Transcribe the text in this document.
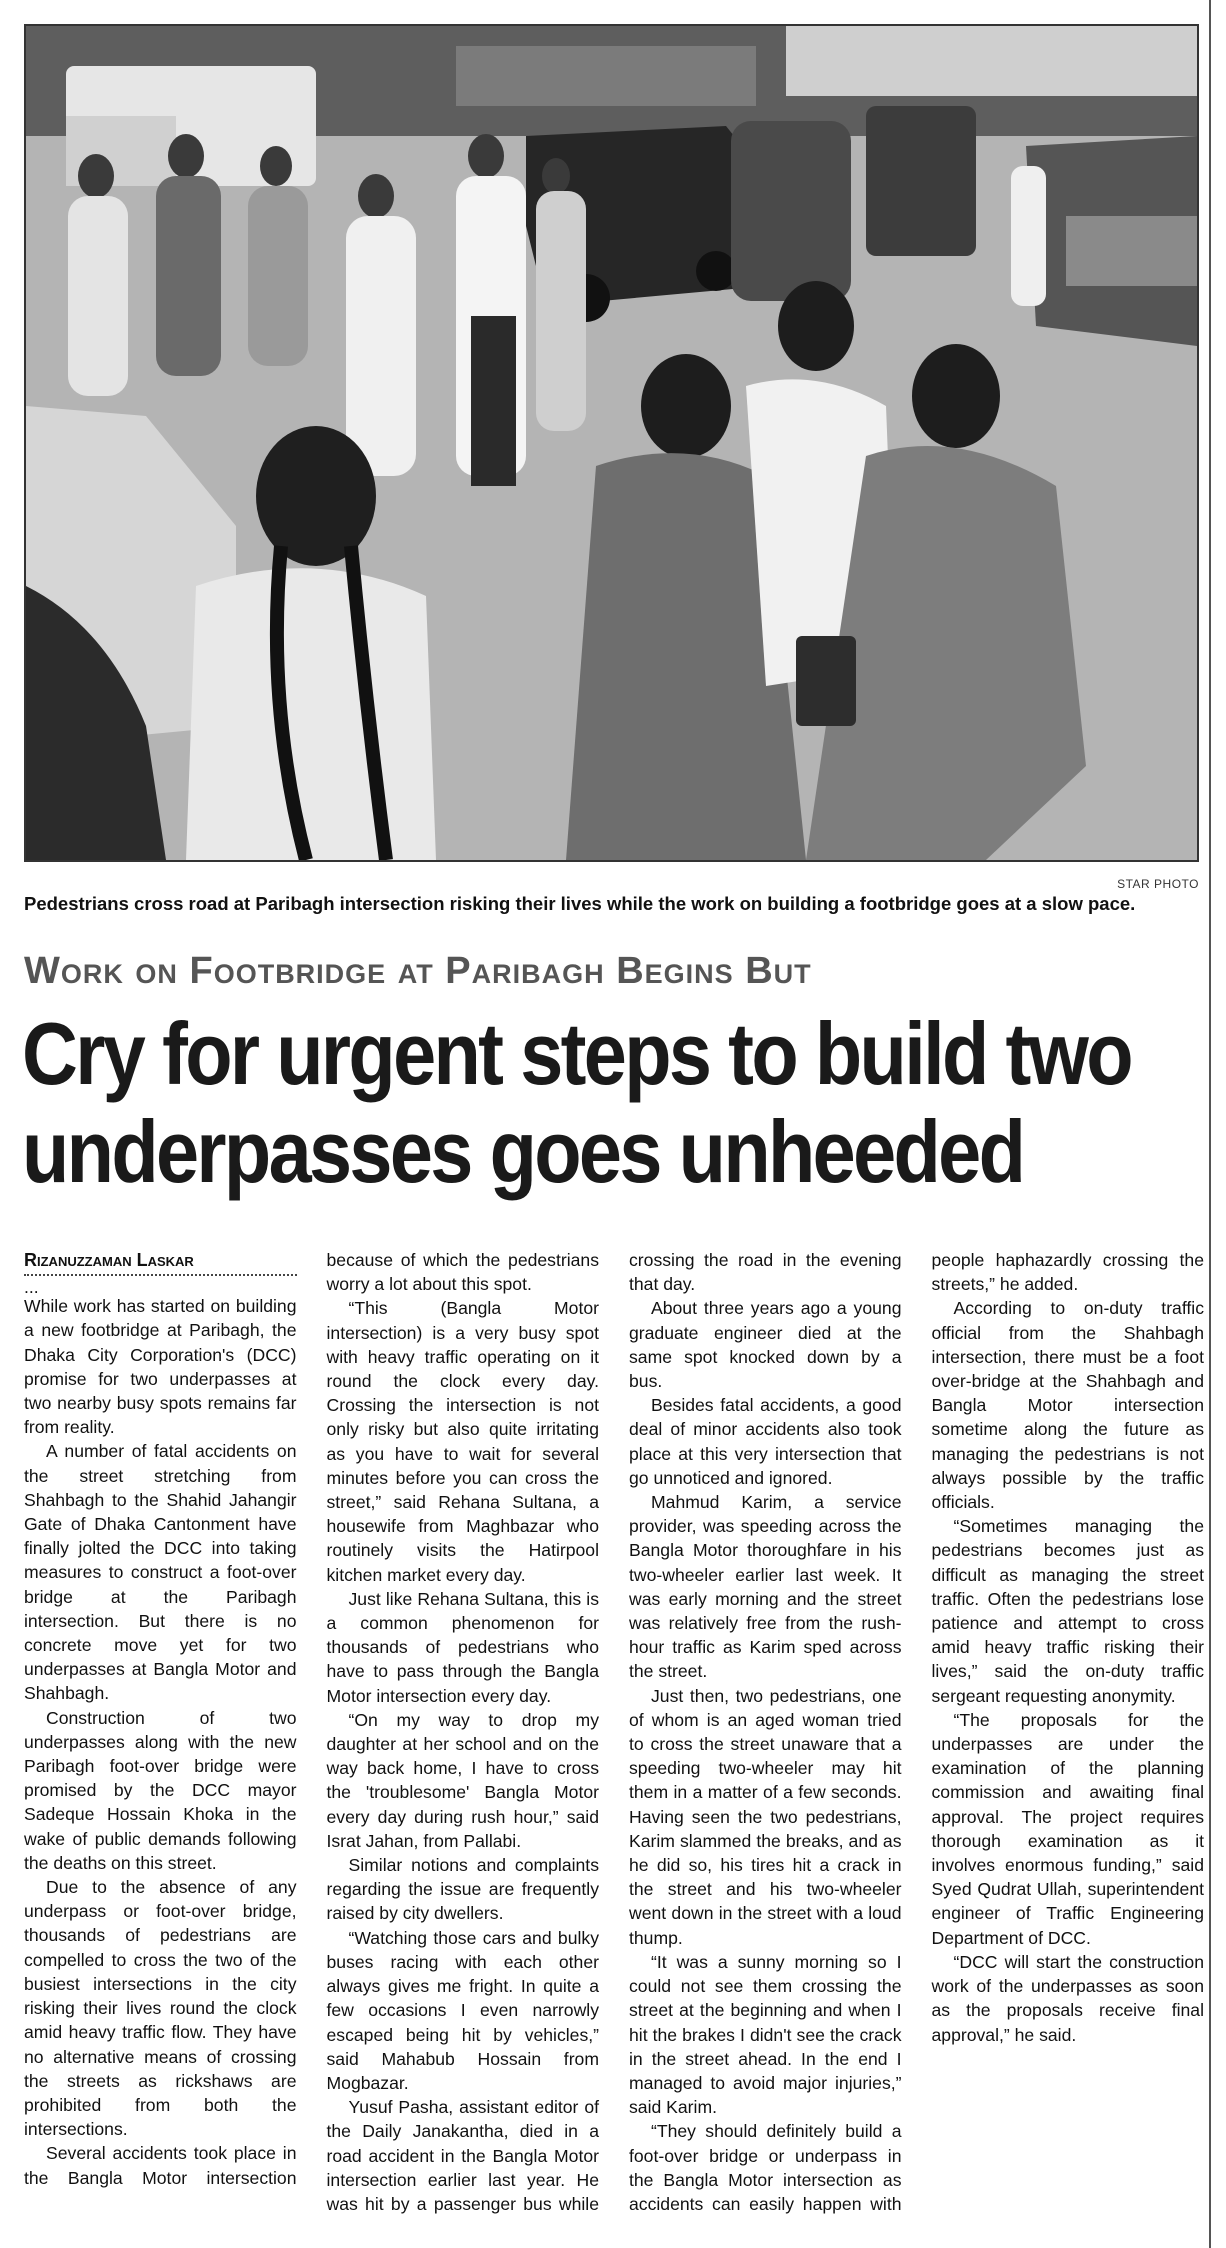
STAR PHOTO
Pedestrians cross road at Paribagh intersection risking their lives while the work on building a footbridge goes at a slow pace.
Work on Footbridge at Paribagh Begins But
Cry for urgent steps to build two
underpasses goes unheeded

Rizanuzzaman Laskar

...

While work has started on building a new footbridge at Paribagh, the Dhaka City Corporation's (DCC) promise for two underpasses at two nearby busy spots remains far from reality.

A number of fatal accidents on the street stretching from Shahbagh to the Shahid Jahangir Gate of Dhaka Cantonment have finally jolted the DCC into taking measures to construct a foot-over bridge at the Paribagh intersection. But there is no concrete move yet for two underpasses at Bangla Motor and Shahbagh.

Construction of two underpasses along with the new Paribagh foot-over bridge were promised by the DCC mayor Sadeque Hossain Khoka in the wake of public demands following the deaths on this street.

Due to the absence of any underpass or foot-over bridge, thousands of pedestrians are compelled to cross the two of the busiest intersections in the city risking their lives round the clock amid heavy traffic flow. They have no alternative means of crossing the streets as rickshaws are prohibited from both the intersections.

Several accidents took place in the Bangla Motor intersection because of which the pedestrians worry a lot about this spot.

“This (Bangla Motor intersection) is a very busy spot with heavy traffic operating on it round the clock every day. Crossing the intersection is not only risky but also quite irritating as you have to wait for several minutes before you can cross the street,” said Rehana Sultana, a housewife from Maghbazar who routinely visits the Hatirpool kitchen market every day.

Just like Rehana Sultana, this is a common phenomenon for thousands of pedestrians who have to pass through the Bangla Motor intersection every day.

“On my way to drop my daughter at her school and on the way back home, I have to cross the 'troublesome' Bangla Motor every day during rush hour,” said Israt Jahan, from Pallabi.

Similar notions and complaints regarding the issue are frequently raised by city dwellers.

“Watching those cars and bulky buses racing with each other always gives me fright. In quite a few occasions I even narrowly escaped being hit by vehicles,” said Mahabub Hossain from Mogbazar.

Yusuf Pasha, assistant editor of the Daily Janakantha, died in a road accident in the Bangla Motor intersection earlier last year. He was hit by a passenger bus while crossing the road in the evening that day.

About three years ago a young graduate engineer died at the same spot knocked down by a bus.

Besides fatal accidents, a good deal of minor accidents also took place at this very intersection that go unnoticed and ignored.

Mahmud Karim, a service provider, was speeding across the Bangla Motor thoroughfare in his two-wheeler earlier last week. It was early morning and the street was relatively free from the rush-hour traffic as Karim sped across the street.

Just then, two pedestrians, one of whom is an aged woman tried to cross the street unaware that a speeding two-wheeler may hit them in a matter of a few seconds. Having seen the two pedestrians, Karim slammed the breaks, and as he did so, his tires hit a crack in the street and his two-wheeler went down in the street with a loud thump.

“It was a sunny morning so I could not see them crossing the street at the beginning and when I hit the brakes I didn't see the crack in the street ahead. In the end I managed to avoid major injuries,” said Karim.

“They should definitely build a foot-over bridge or underpass in the Bangla Motor intersection as accidents can easily happen with people haphazardly crossing the streets,” he added.

According to on-duty traffic official from the Shahbagh intersection, there must be a foot over-bridge at the Shahbagh and Bangla Motor intersection sometime along the future as managing the pedestrians is not always possible by the traffic officials.

“Sometimes managing the pedestrians becomes just as difficult as managing the street traffic. Often the pedestrians lose patience and attempt to cross amid heavy traffic risking their lives,” said the on-duty traffic sergeant requesting anonymity.

“The proposals for the underpasses are under the examination of the planning commission and awaiting final approval. The project requires thorough examination as it involves enormous funding,” said Syed Qudrat Ullah, superintendent engineer of Traffic Engineering Department of DCC.

“DCC will start the construction work of the underpasses as soon as the proposals receive final approval,” he said.
